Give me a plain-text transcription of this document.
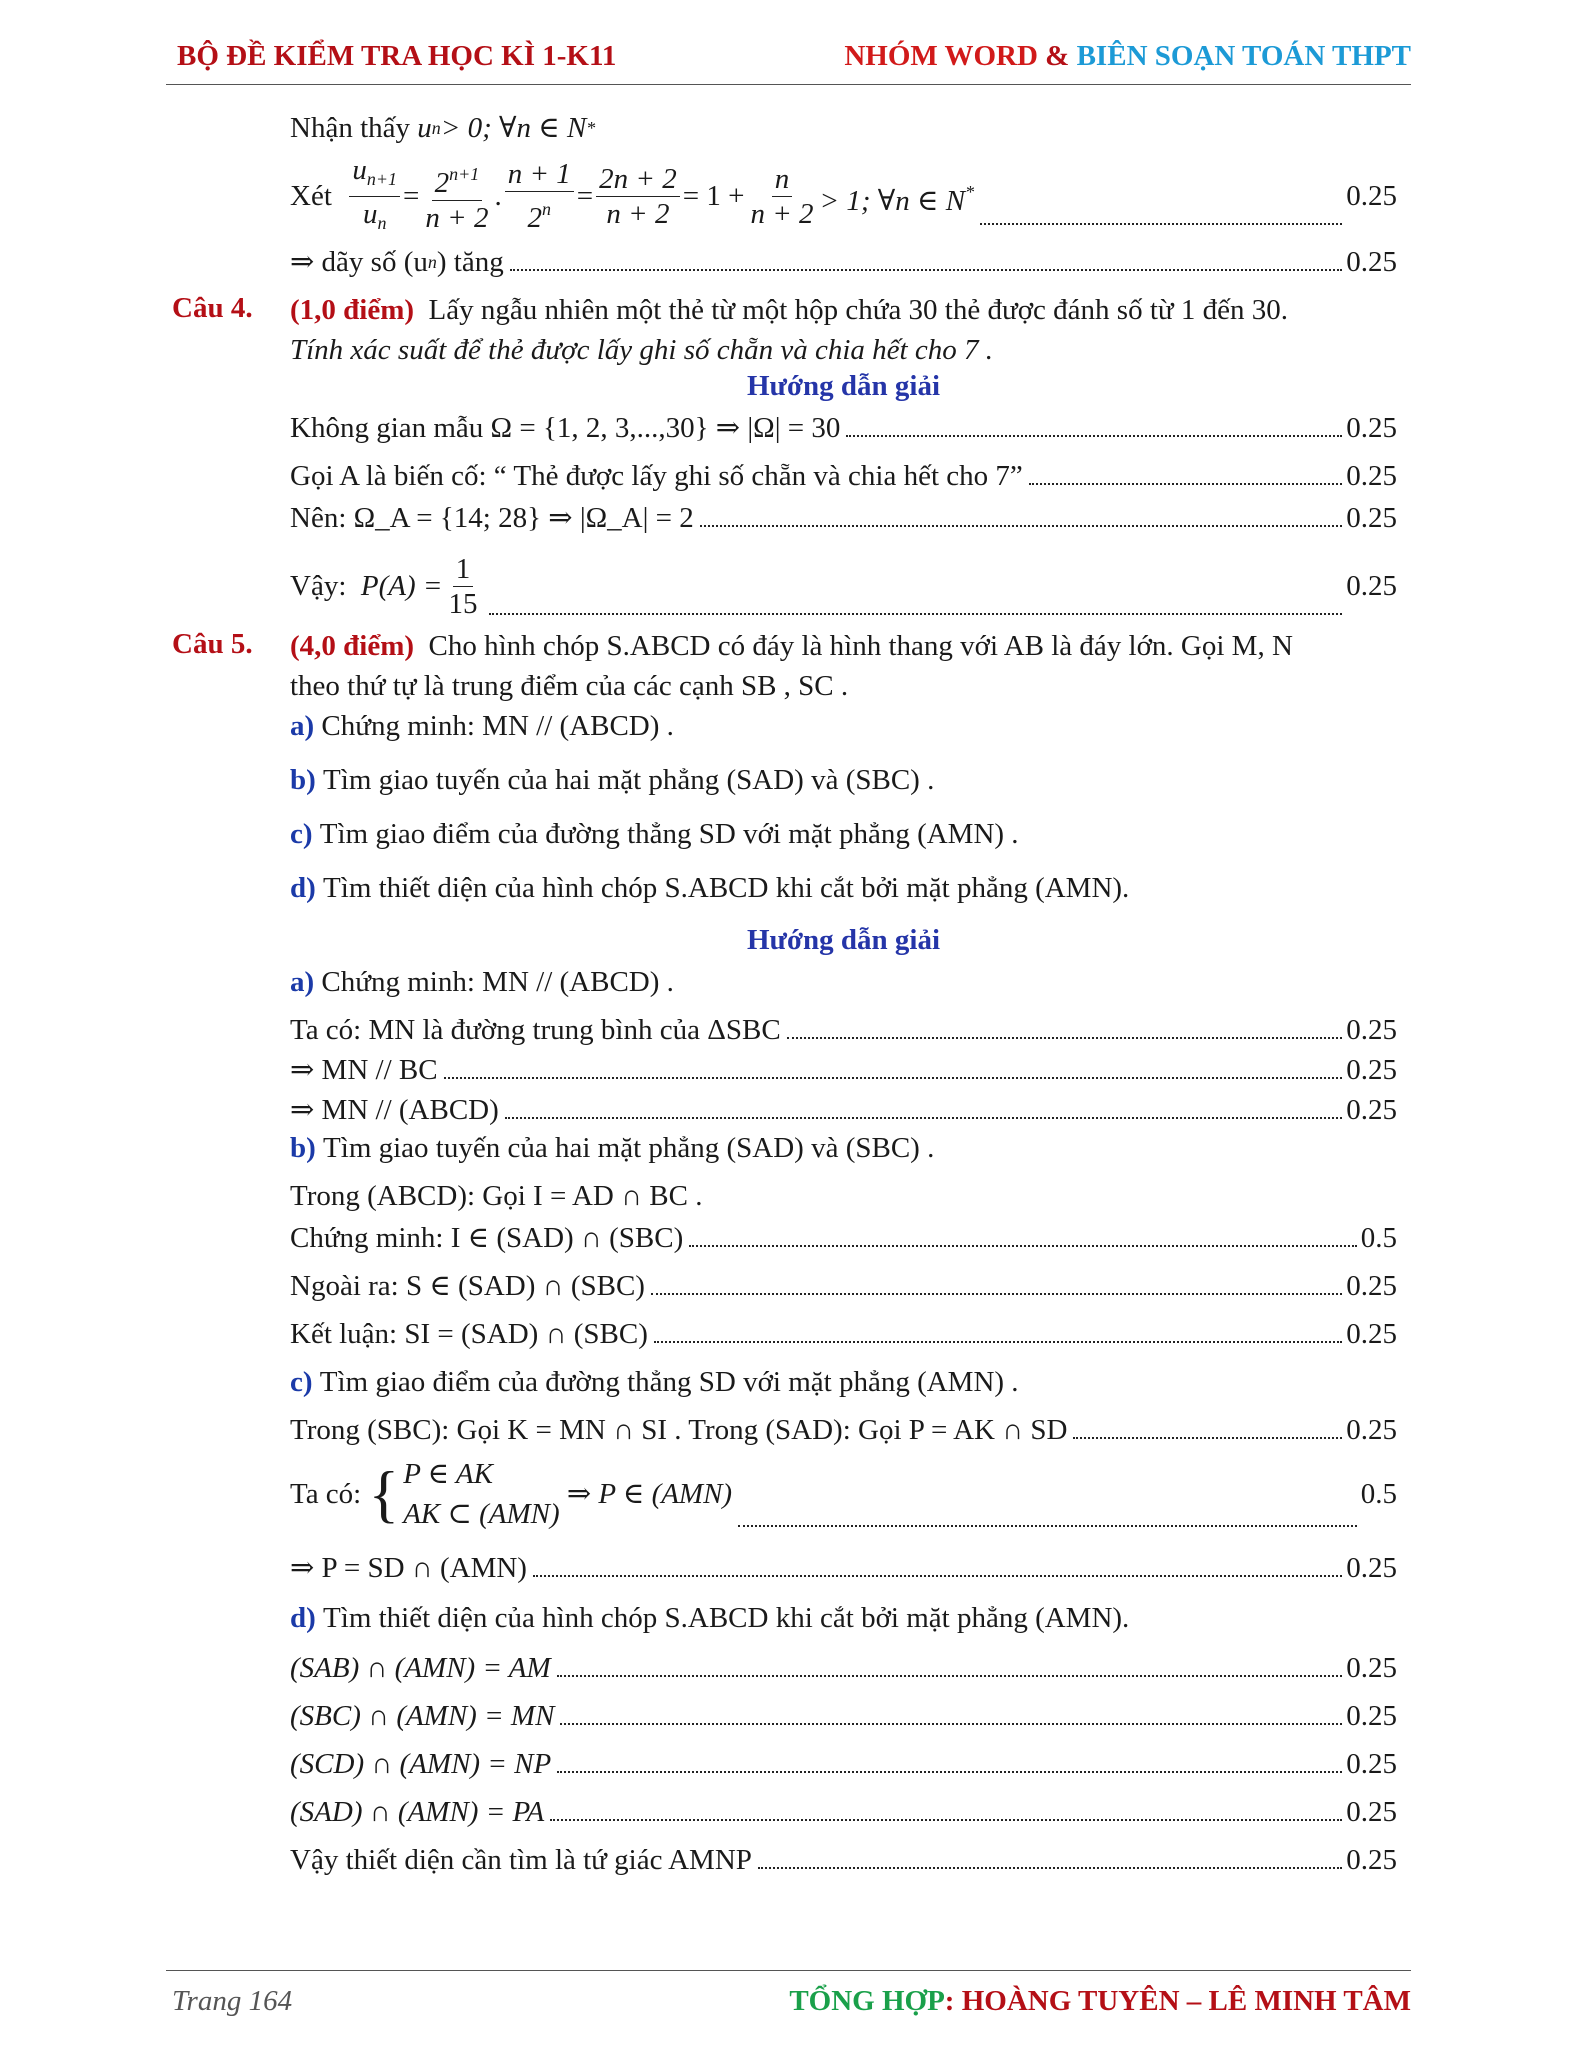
BỘ ĐỀ KIỂM TRA HỌC KÌ 1-K11	NHÓM WORD & BIÊN SOẠN TOÁN THPT
Nhận thấy
u n > 0; ∀n ∈ N *
Xét
$\frac{u_{n+1}}{u_n} = \frac{2^{n+1}}{n + 2}$ . $\frac{n + 1}{2^n} = \frac{2n + 2}{n + 2} = 1 + \frac{n}{n + 2} > 1$; ∀n ∈ N*	0.25
⇒ dãy số (u n ) tăng	0.25
Câu 4. (1,0 điểm)
Lấy ngẫu nhiên một thẻ từ một hộp chứa 30 thẻ được đánh số từ 1 đến 30.
Tính xác suất để thẻ được lấy ghi số chẵn và chia hết cho 7 .
Hướng dẫn giải
Không gian mẫu Ω = {1, 2, 3,...,30} ⇒ |Ω| = 30	0.25
Gọi A là biến cố: “ Thẻ được lấy ghi số chẵn và chia hết cho 7”	0.25
Nên: Ω_A = {14; 28} ⇒ |Ω_A| = 2	0.25
Vậy:
$P(A) = \frac{1}{15}$	0.25
Câu 5. (4,0 điểm)
Cho hình chóp S.ABCD có đáy là hình thang với AB là đáy lớn. Gọi M, N
theo thứ tự là trung điểm của các cạnh SB , SC .
a)
Chứng minh: MN // (ABCD) .
b)
Tìm giao tuyến của hai mặt phẳng (SAD) và (SBC) .
c)
Tìm giao điểm của đường thẳng SD với mặt phẳng (AMN) .
d)
Tìm thiết diện của hình chóp S.ABCD khi cắt bởi mặt phẳng (AMN).
Hướng dẫn giải
a)
Chứng minh: MN // (ABCD) .
Ta có: MN là đường trung bình của ΔSBC	0.25
⇒ MN // BC	0.25
⇒ MN // (ABCD)	0.25
b)
Tìm giao tuyến của hai mặt phẳng (SAD) và (SBC) .
Trong (ABCD): Gọi I = AD ∩ BC .
Chứng minh: I ∈ (SAD) ∩ (SBC)	0.5
Ngoài ra: S ∈ (SAD) ∩ (SBC)	0.25
Kết luận: SI = (SAD) ∩ (SBC)	0.25
c)
Tìm giao điểm của đường thẳng SD với mặt phẳng (AMN) .
Trong (SBC): Gọi K = MN ∩ SI . Trong (SAD): Gọi P = AK ∩ SD	0.25
Ta có:
{ P ∈ AK
AK ⊂ (AMN)

⇒ P ∈ (AMN)	0.5
⇒ P = SD ∩ (AMN)	0.25
d)
Tìm thiết diện của hình chóp S.ABCD khi cắt bởi mặt phẳng (AMN).
(SAB) ∩ (AMN) = AM	0.25
(SBC) ∩ (AMN) = MN	0.25
(SCD) ∩ (AMN) = NP	0.25
(SAD) ∩ (AMN) = PA	0.25
Vậy thiết diện cần tìm là tứ giác AMNP	0.25
Trang 164	TỔNG HỢP: HOÀNG TUYÊN – LÊ MINH TÂM
